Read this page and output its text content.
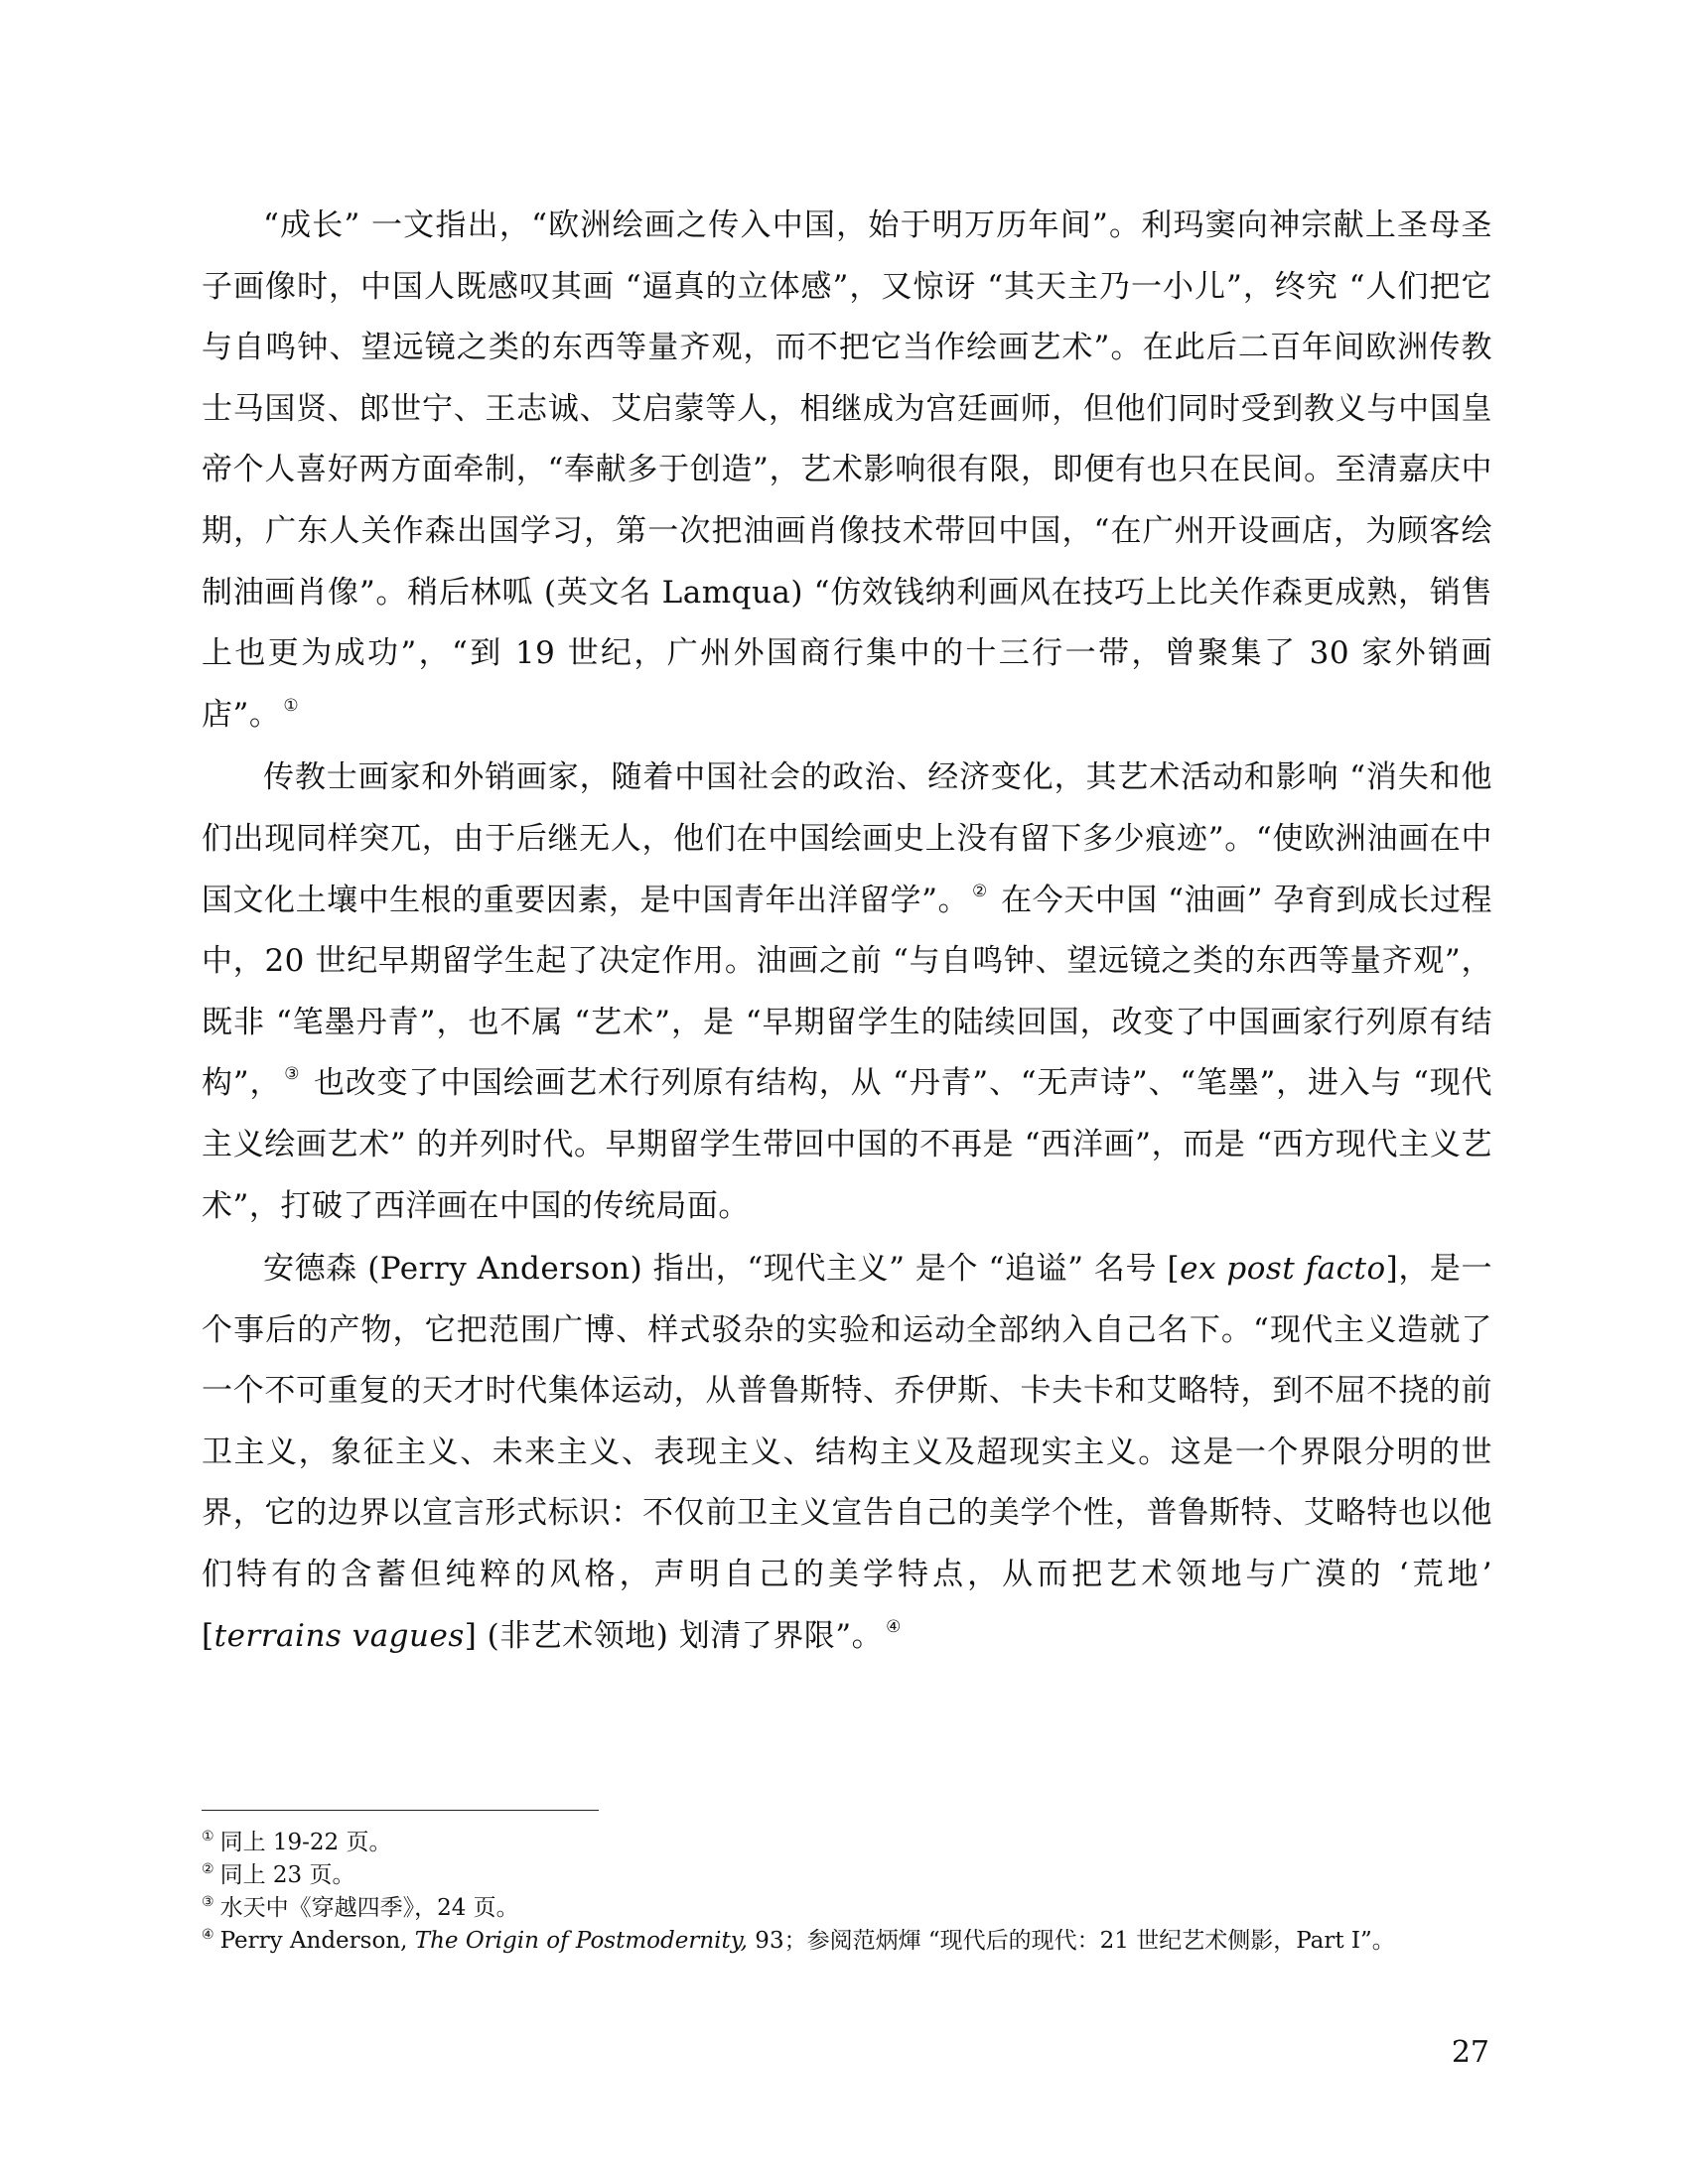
“成长” 一文指出，“欧洲绘画之传入中国，始于明万历年间”。利玛窦向神宗献上圣母圣子画像时，中国人既感叹其画 “逼真的立体感”，又惊讶 “其天主乃一小儿”，终究 “人们把它与自鸣钟、望远镜之类的东西等量齐观，而不把它当作绘画艺术”。在此后二百年间欧洲传教士马国贤、郎世宁、王志诚、艾启蒙等人，相继成为宫廷画师，但他们同时受到教义与中国皇帝个人喜好两方面牵制，“奉献多于创造”，艺术影响很有限，即便有也只在民间。至清嘉庆中期，广东人关作森出国学习，第一次把油画肖像技术带回中国，“在广州开设画店，为顾客绘制油画肖像”。稍后林呱 (英文名 Lamqua) “仿效钱纳利画风在技巧上比关作森更成熟，销售上也更为成功”，“到 19 世纪，广州外国商行集中的十三行一带，曾聚集了 30 家外销画店”。 ①

传教士画家和外销画家，随着中国社会的政治、经济变化，其艺术活动和影响 “消失和他们出现同样突兀，由于后继无人，他们在中国绘画史上没有留下多少痕迹”。“使欧洲油画在中国文化土壤中生根的重要因素，是中国青年出洋留学”。 ② 在今天中国 “油画” 孕育到成长过程中，20 世纪早期留学生起了决定作用。油画之前 “与自鸣钟、望远镜之类的东西等量齐观”，既非 “笔墨丹青”，也不属 “艺术”，是 “早期留学生的陆续回国，改变了中国画家行列原有结构”， ③ 也改变了中国绘画艺术行列原有结构，从 “丹青”、“无声诗”、“笔墨”，进入与 “现代主义绘画艺术” 的并列时代。早期留学生带回中国的不再是 “西洋画”，而是 “西方现代主义艺术”，打破了西洋画在中国的传统局面。

安德森 (Perry Anderson) 指出，“现代主义” 是个 “追谥” 名号 [ex post facto]，是一个事后的产物，它把范围广博、样式驳杂的实验和运动全部纳入自己名下。“现代主义造就了一个不可重复的天才时代集体运动，从普鲁斯特、乔伊斯、卡夫卡和艾略特，到不屈不挠的前卫主义，象征主义、未来主义、表现主义、结构主义及超现实主义。这是一个界限分明的世界，它的边界以宣言形式标识：不仅前卫主义宣告自己的美学个性，普鲁斯特、艾略特也以他们特有的含蓄但纯粹的风格，声明自己的美学特点，从而把艺术领地与广漠的 ‘荒地’ [terrains vagues] (非艺术领地) 划清了界限”。 ④

① 同上 19-22 页。
② 同上 23 页。
③ 水天中《穿越四季》，24 页。
④ Perry Anderson, The Origin of Postmodernity, 93；参阅范炳煇 “现代后的现代：21 世纪艺术侧影，Part I”。
27
